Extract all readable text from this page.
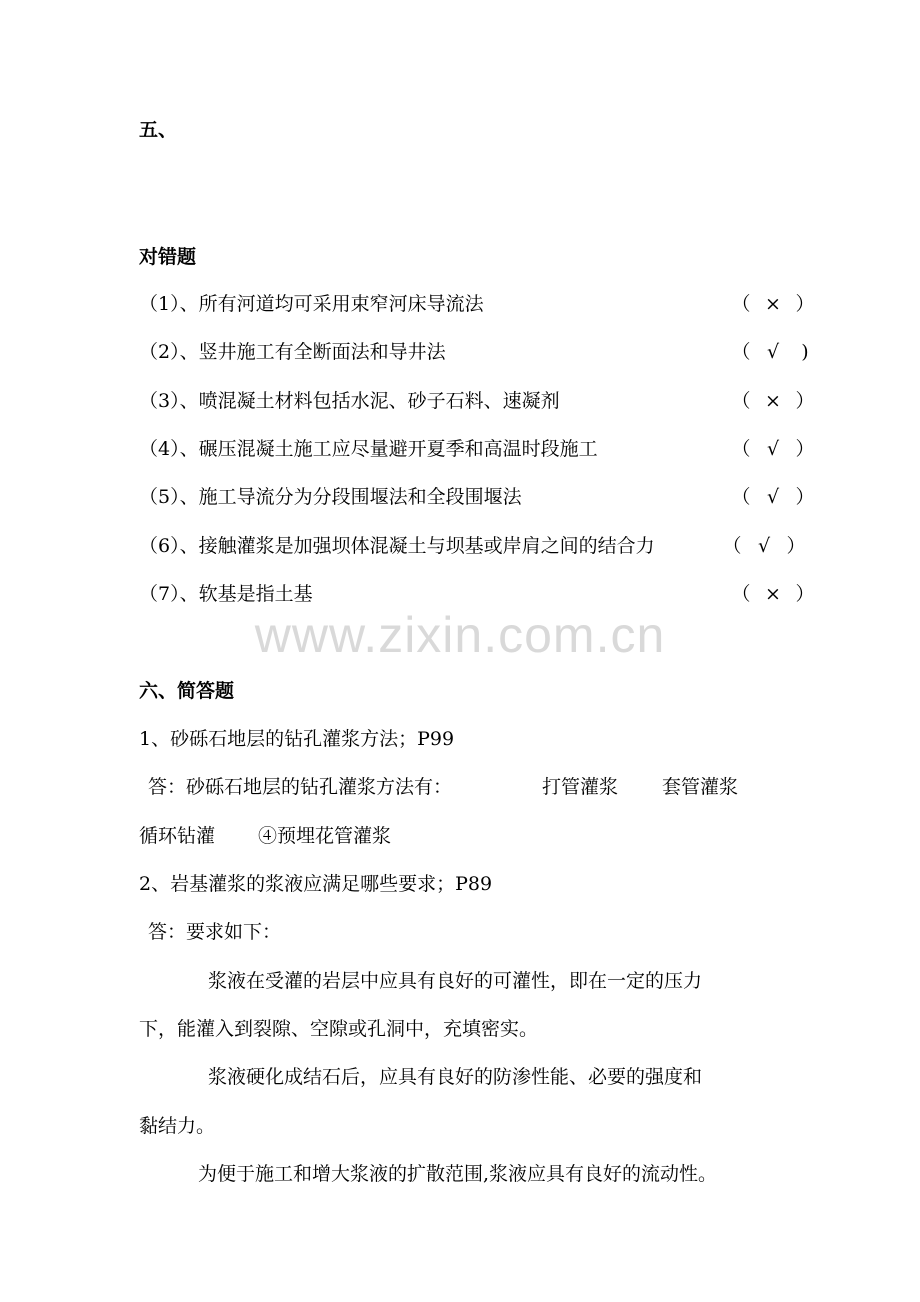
五、
对错题
（1）、所有河道均可采用束窄河床导流法	（ × ）
（2）、竖井施工有全断面法和导井法	（ √ )
（3）、喷混凝土材料包括水泥、砂子石料、速凝剂	（ × ）
（4）、碾压混凝土施工应尽量避开夏季和高温时段施工	（ √ ）
（5）、施工导流分为分段围堰法和全段围堰法	（ √ ）
（6）、接触灌浆是加强坝体混凝土与坝基或岸肩之间的结合力	（ √ ）
（7）、软基是指土基	（ × ）
www.zixin.com.cn
六、简答题
1、砂砾石地层的钻孔灌浆方法；P99
答：砂砾石地层的钻孔灌浆方法有：	打管灌浆 套管灌浆
循环钻灌 ④预埋花管灌浆
2、岩基灌浆的浆液应满足哪些要求；P89
答：要求如下：
浆液在受灌的岩层中应具有良好的可灌性，即在一定的压力
下，能灌入到裂隙、空隙或孔洞中，充填密实。
浆液硬化成结石后，应具有良好的防渗性能、必要的强度和
黏结力。
为便于施工和增大浆液的扩散范围,浆液应具有良好的流动性。
